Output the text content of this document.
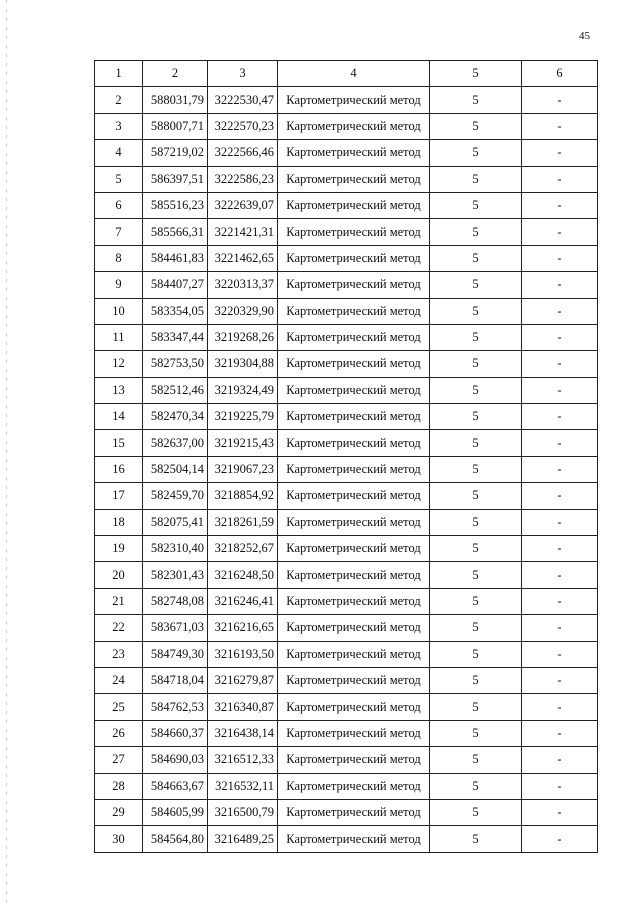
45
1	2	3	4	5	6
2	588031,79	3222530,47	Картометрический метод	5	-
3	588007,71	3222570,23	Картометрический метод	5	-
4	587219,02	3222566,46	Картометрический метод	5	-
5	586397,51	3222586,23	Картометрический метод	5	-
6	585516,23	3222639,07	Картометрический метод	5	-
7	585566,31	3221421,31	Картометрический метод	5	-
8	584461,83	3221462,65	Картометрический метод	5	-
9	584407,27	3220313,37	Картометрический метод	5	-
10	583354,05	3220329,90	Картометрический метод	5	-
11	583347,44	3219268,26	Картометрический метод	5	-
12	582753,50	3219304,88	Картометрический метод	5	-
13	582512,46	3219324,49	Картометрический метод	5	-
14	582470,34	3219225,79	Картометрический метод	5	-
15	582637,00	3219215,43	Картометрический метод	5	-
16	582504,14	3219067,23	Картометрический метод	5	-
17	582459,70	3218854,92	Картометрический метод	5	-
18	582075,41	3218261,59	Картометрический метод	5	-
19	582310,40	3218252,67	Картометрический метод	5	-
20	582301,43	3216248,50	Картометрический метод	5	-
21	582748,08	3216246,41	Картометрический метод	5	-
22	583671,03	3216216,65	Картометрический метод	5	-
23	584749,30	3216193,50	Картометрический метод	5	-
24	584718,04	3216279,87	Картометрический метод	5	-
25	584762,53	3216340,87	Картометрический метод	5	-
26	584660,37	3216438,14	Картометрический метод	5	-
27	584690,03	3216512,33	Картометрический метод	5	-
28	584663,67	3216532,11	Картометрический метод	5	-
29	584605,99	3216500,79	Картометрический метод	5	-
30	584564,80	3216489,25	Картометрический метод	5	-
